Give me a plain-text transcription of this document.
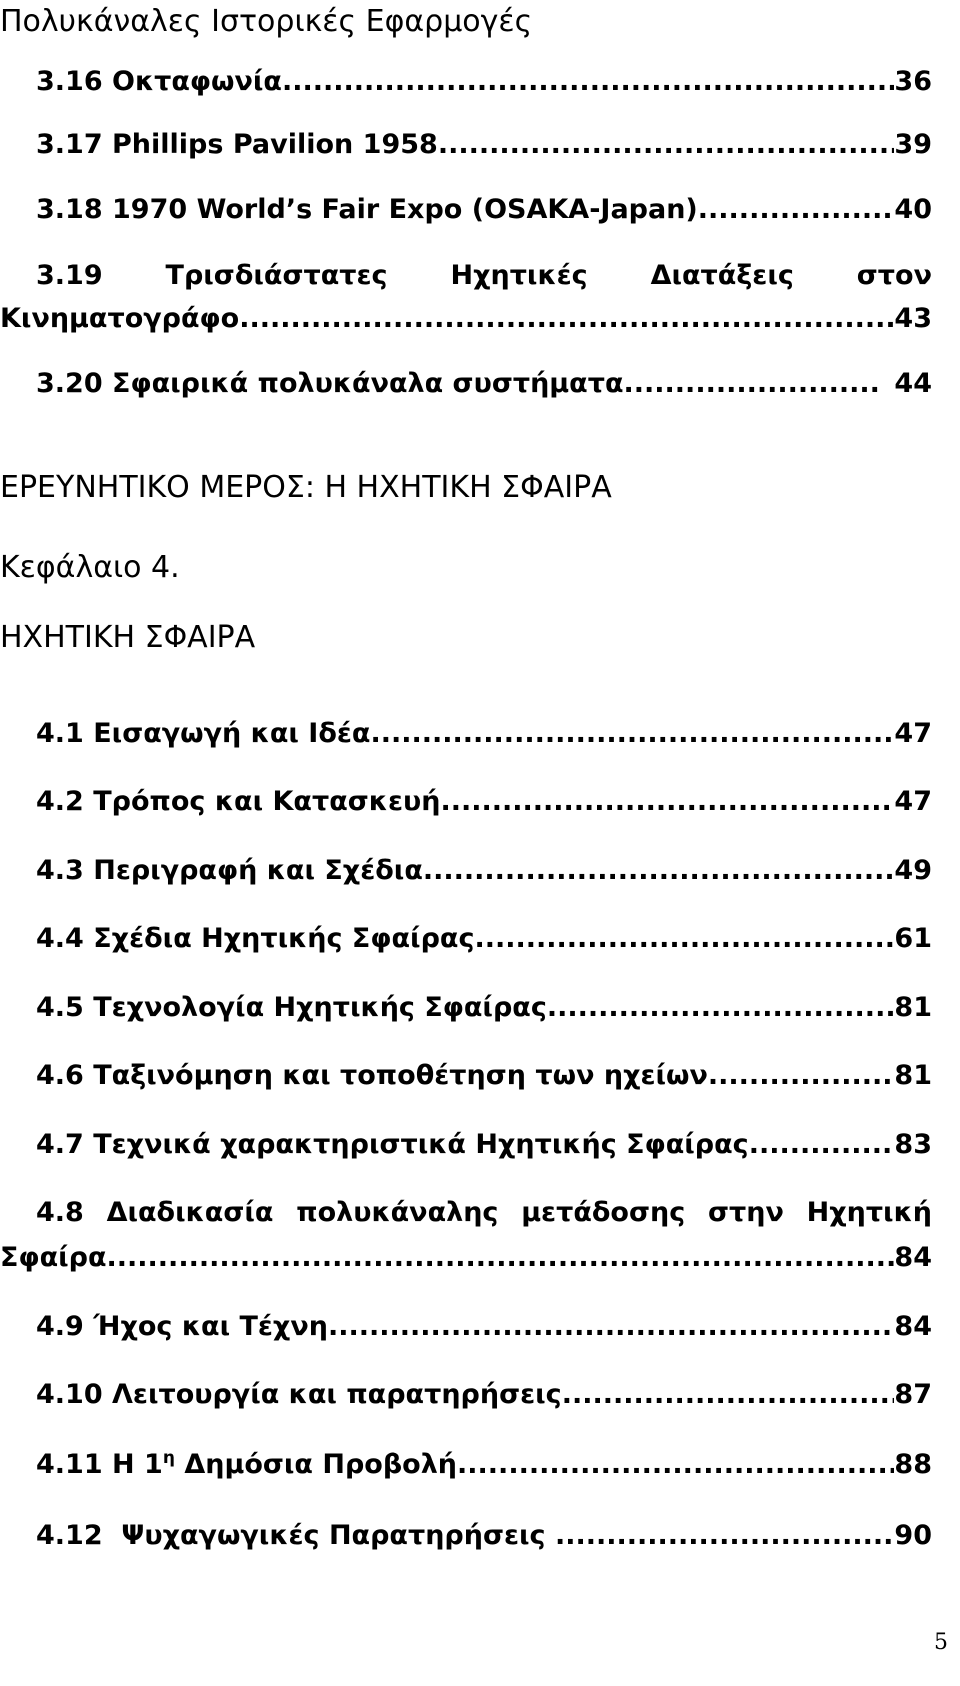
Πολυκάναλες Ιστορικές Εφαρμογές
3.16 Οκταφωνία .....	36
3.17 Phillips Pavilion 1958 .....	39
3.18 1970 World’s Fair Expo (OSAKA-Japan) .....	40
3.19 Τρισδιάστατες Ηχητικές Διατάξεις στον
Κινηματογράφο .....	43
3.20 Σφαιρικά πολυκάναλα συστήματα .....	44
ΕΡΕΥΝΗΤΙΚΟ ΜΕΡΟΣ: Η ΗΧΗΤΙΚΗ ΣΦΑΙΡΑ
Κεφάλαιο 4.
ΗΧΗΤΙΚΗ ΣΦΑΙΡΑ
4.1 Εισαγωγή και Ιδέα .....	47
4.2 Τρόπος και Κατασκευή .....	47
4.3 Περιγραφή και Σχέδια .....	49
4.4 Σχέδια Ηχητικής Σφαίρας .....	61
4.5 Τεχνολογία Ηχητικής Σφαίρας .....	81
4.6 Ταξινόμηση και τοποθέτηση των ηχείων .....	81
4.7 Τεχνικά χαρακτηριστικά Ηχητικής Σφαίρας .....	83
4.8 Διαδικασία πολυκάναλης μετάδοσης στην Ηχητική
Σφαίρα .....	84
4.9 Ήχος και Τέχνη .....	84
4.10 Λειτουργία και παρατηρήσεις .....	87
4.11 Η $1^\eta$ Δημόσια Προβολή .....	88
4.12  Ψυχαγωγικές Παρατηρήσεις .....	90
5
